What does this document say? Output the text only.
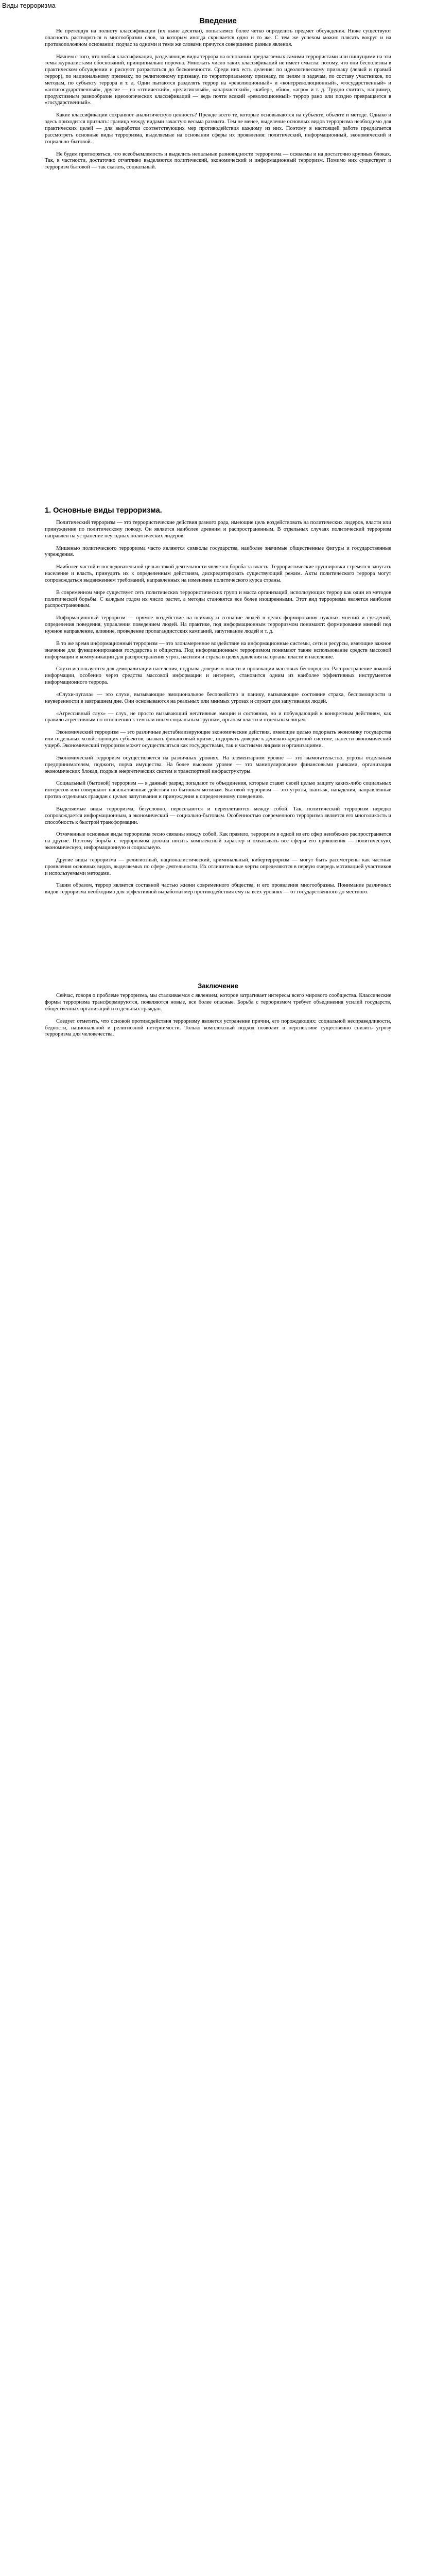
Виды терроризма
Введение

Не претендуя на полноту классификации (их ныне десятки), попытаемся более четко определить предмет обсуждения. Ниже существуют опасность растворяться в многообразии слов, за которым иногда скрывается одно и то же. С тем же успехом можно плясать вокруг и на противоположном основании: подчас за одними и теми же словами прячутся совершенно разные явления.

Начнем с того, что любая классификация, разделяющая виды террора на основании предлагаемых самими террористами или пишущими на эти темы журналистами обоснований, принципиально порочна. Умножать число таких классификаций не имеет смысла: потому, что они бесполезны в практическом обсуждении и рискуют разрастаться до бесконечности. Среди них есть деления: по идеологическому признаку (левый и правый террор), по национальному признаку, по религиозному признаку, по территориальному признаку, по целям и задачам, по составу участников, по методам, по субъекту террора и т. д. Одни пытаются разделять террор на «революционный» и «контрреволюционный», «государственный» и «антигосударственный», другие — на «этнический», «религиозный», «анархистский», «кибер», «био», «агро» и т. д. Трудно считать, например, продуктивным разнообразие идеологических классификаций — ведь почти всякий «революционный» террор рано или поздно превращается в «государственный».

Какие классификации сохраняют аналитическую ценность? Прежде всего те, которые основываются на субъекте, объекте и методе. Однако и здесь приходится признать: граница между видами зачастую весьма размыта. Тем не менее, выделение основных видов терроризма необходимо для практических целей — для выработки соответствующих мер противодействия каждому из них. Поэтому в настоящей работе предлагается рассмотреть основные виды терроризма, выделяемые на основании сферы их проявления: политический, информационный, экономический и социально-бытовой.

Не будем притворяться, что всеобъемлемость и выделить непальные разновидности терроризма — осязаемы и на достаточно крупных блоках. Так, в частности, достаточно отчетливо выделяются политический, экономический и информационный терроризм. Помимо них существует и терроризм бытовой — так сказать, социальный.

1. Основные виды терроризма.

Политический терроризм — это террористические действия разного рода, имеющие цель воздействовать на политических лидеров, власти или принуждение по политическому поводу. Он является наиболее древним и распространенным. В отдельных случаях политический терроризм направлен на устранение неугодных политических лидеров.

Мишенью политического терроризма часто являются символы государства, наиболее значимые общественные фигуры и государственные учреждения.

Наиболее частой и последовательной целью такой деятельности является борьба за власть. Террористические группировки стремятся запугать население и власть, принудить их к определенным действиям, дискредитировать существующий режим. Акты политического террора могут сопровождаться выдвижением требований, направленных на изменение политического курса страны.

В современном мире существует сеть политических террористических групп и масса организаций, использующих террор как один из методов политической борьбы. С каждым годом их число растет, а методы становятся все более изощренными. Этот вид терроризма является наиболее распространенным.

Информационный терроризм — прямое воздействие на психику и сознание людей в целях формирования нужных мнений и суждений, определения поведения, управления поведением людей. На практике, под информационным терроризмом понимают: формирование мнений под нужное направление, влияние, проведение пропагандистских кампаний, запугивание людей и т. д.

В то же время информационный терроризм — это злонамеренное воздействие на информационные системы, сети и ресурсы, имеющие важное значение для функционирования государства и общества. Под информационным терроризмом понимают также использование средств массовой информации и коммуникации для распространения угроз, насилия и страха в целях давления на органы власти и население.

Слухи используются для деморализации населения, подрыва доверия к власти и провокации массовых беспорядков. Распространение ложной информации, особенно через средства массовой информации и интернет, становится одним из наиболее эффективных инструментов информационного террора.

«Слухи-пугала» — это слухи, вызывающие эмоциональное беспокойство и панику, вызывающие состояние страха, беспомощности и неуверенности в завтрашнем дне. Они основываются на реальных или мнимых угрозах и служат для запугивания людей.

«Агрессивный слух» — слух, не просто вызывающий негативные эмоции и состояния, но и побуждающий к конкретным действиям, как правило агрессивным по отношению к тем или иным социальным группам, органам власти и отдельным лицам.

Экономический терроризм — это различные дестабилизирующие экономические действия, имеющие целью подорвать экономику государства или отдельных хозяйствующих субъектов, вызвать финансовый кризис, подорвать доверие к денежно-кредитной системе, нанести экономический ущерб. Экономический терроризм может осуществляться как государствами, так и частными лицами и организациями.

Экономический терроризм осуществляется на различных уровнях. На элементарном уровне — это вымогательство, угрозы отдельным предпринимателям, поджоги, порча имущества. На более высоком уровне — это манипулирование финансовыми рынками, организация экономических блокад, подрыв энергетических систем и транспортной инфраструктуры.

Социальный (бытовой) терроризм — в данный разряд попадают те объединения, которые ставят своей целью защиту каких-либо социальных интересов или совершают насильственные действия по бытовым мотивам. Бытовой терроризм — это угрозы, шантаж, нападения, направленные против отдельных граждан с целью запугивания и принуждения к определенному поведению.

Выделяемые виды терроризма, безусловно, пересекаются и переплетаются между собой. Так, политический терроризм нередко сопровождается информационным, а экономический — социально-бытовым. Особенностью современного терроризма является его многоликость и способность к быстрой трансформации.

Отмеченные основные виды терроризма тесно связаны между собой. Как правило, терроризм в одной из его сфер неизбежно распространяется на другие. Поэтому борьба с терроризмом должна носить комплексный характер и охватывать все сферы его проявления — политическую, экономическую, информационную и социальную.

Другие виды терроризма — религиозный, националистический, криминальный, кибертерроризм — могут быть рассмотрены как частные проявления основных видов, выделяемых по сфере деятельности. Их отличительные черты определяются в первую очередь мотивацией участников и используемыми методами.

Таким образом, террор является составной частью жизни современного общества, и его проявления многообразны. Понимание различных видов терроризма необходимо для эффективной выработки мер противодействия ему на всех уровнях — от государственного до местного.

Заключение

Сейчас, говоря о проблеме терроризма, мы сталкиваемся с явлением, которое затрагивает интересы всего мирового сообщества. Классические формы терроризма трансформируются, появляются новые, все более опасные. Борьба с терроризмом требует объединения усилий государств, общественных организаций и отдельных граждан.

Следует отметить, что основой противодействия терроризму является устранение причин, его порождающих: социальной несправедливости, бедности, национальной и религиозной нетерпимости. Только комплексный подход позволит в перспективе существенно снизить угрозу терроризма для человечества.
